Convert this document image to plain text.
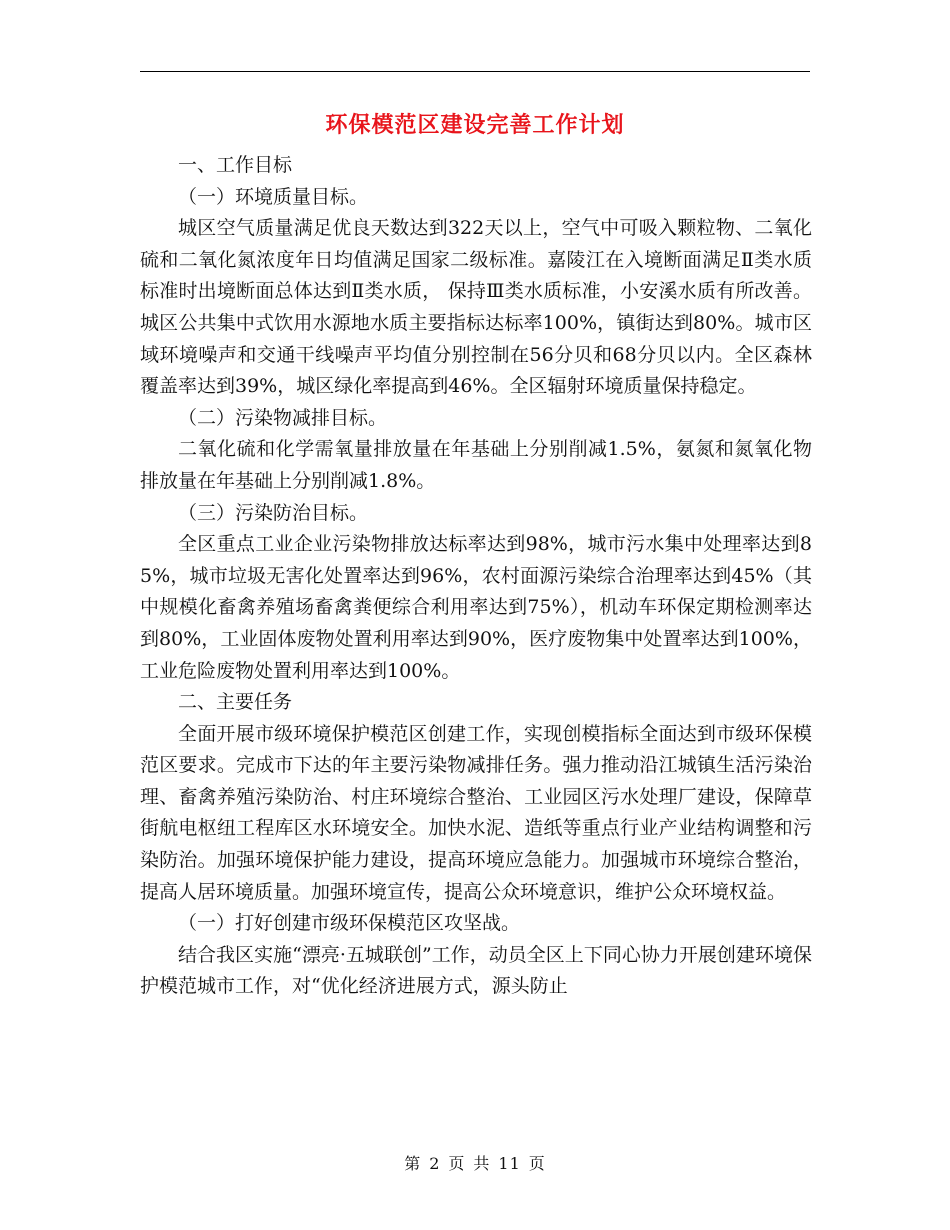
环保模范区建设完善工作计划

一、工作目标

（一）环境质量目标。

城区空气质量满足优良天数达到322天以上，空气中可吸入颗粒物、二氧化硫和二氧化氮浓度年日均值满足国家二级标准。嘉陵江在入境断面满足Ⅱ类水质标准时出境断面总体达到Ⅱ类水质， 保持Ⅲ类水质标准，小安溪水质有所改善。城区公共集中式饮用水源地水质主要指标达标率100%，镇街达到80%。城市区域环境噪声和交通干线噪声平均值分别控制在56分贝和68分贝以内。全区森林覆盖率达到39%，城区绿化率提高到46%。全区辐射环境质量保持稳定。

（二）污染物减排目标。

二氧化硫和化学需氧量排放量在年基础上分别削减1.5%，氨氮和氮氧化物排放量在年基础上分别削减1.8%。

（三）污染防治目标。

全区重点工业企业污染物排放达标率达到98%，城市污水集中处理率达到85%，城市垃圾无害化处置率达到96%，农村面源污染综合治理率达到45%（其中规模化畜禽养殖场畜禽粪便综合利用率达到75%），机动车环保定期检测率达到80%，工业固体废物处置利用率达到90%，医疗废物集中处置率达到100%，工业危险废物处置利用率达到100%。

二、主要任务

全面开展市级环境保护模范区创建工作，实现创模指标全面达到市级环保模范区要求。完成市下达的年主要污染物减排任务。强力推动沿江城镇生活污染治理、畜禽养殖污染防治、村庄环境综合整治、工业园区污水处理厂建设，保障草街航电枢纽工程库区水环境安全。加快水泥、造纸等重点行业产业结构调整和污染防治。加强环境保护能力建设，提高环境应急能力。加强城市环境综合整治，提高人居环境质量。加强环境宣传，提高公众环境意识，维护公众环境权益。

（一）打好创建市级环保模范区攻坚战。

结合我区实施“漂亮·五城联创”工作，动员全区上下同心协力开展创建环境保护模范城市工作，对“优化经济进展方式，源头防止

第 2 页 共 11 页
